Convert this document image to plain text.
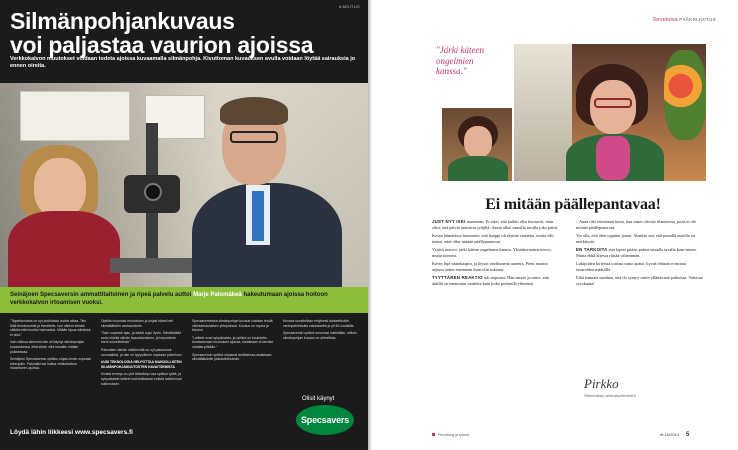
ILMOITUS
Silmänpohjankuvaus
voi paljastaa vaurion ajoissa
Verkkokalvon muutokset voidaan todeta ajoissa kuvaamalla silmänpohja. Kivuttoman kuvauksen avulla voidaan löytää sairauksia jo ennen oireita.
Seinäjoen Specsaversin ammattitaitoinen ja ripeä palvelu auttoi Marje Palomäkeä hakeutumaan ajoissa hoitoon verkkokalvon irtoamisen vuoksi.

"Tapahtumasta on nyt puolitoista vuotta aikaa. Tein töitä tietokoneella ja ihmettelin, kun näkeni silmää näkökenttä muuttui harmaaksi. Mitään kipua silmässä ei ollut."

Vain viikkoa aiemmin hän oli käynyt silmänpohjan kuvauksessa, eikä silloin ollut havaittu mitään poikkeavaa.

Seinäjoen Specsaversin optikko ohjasi Annin nopeasti eteenpäin. Palomäki sai hoitoa verkkokalvon irtoamiseen ajoissa.

Optikko huomasi muutoksen ja ohjasi hänet heti silmälääkärin vastaanotolle.

"Sain nopeasti ajan, ja kaikki sujui hyvin. Silmälääkäri antoi ohjeita silmän lepuuttamiseen, ja toipuminen eteni suunnitellusti."

Palomäen silmän näkökenttä on nyt palautunut normaaliksi, ja hän on tyytyväinen nopeaan palveluun.

UUSI TEKNOLOGIA HELPOTTAA MAHDOLLISTEN SILMÄNPOHJAMUUTOSTEN HAVAITSEMISTA

Kivistä terveys on yhä tärkeämpi osa optikon työtä, ja nykyaikaiset laitteet mahdollistavat entistä tarkemman tutkimuksen.

Specsaverseissa silmänpohjan kuvaus voidaan tehdä näöntarkastuksen yhteydessä. Kuvaus on nopea ja kivuton.

"Laitteet ovat nykyaikaisia, ja optikot on koulutettu tunnistamaan muutokset ajoissa. Asiakkaan ei tarvitse odottaa pitkään."

Specsaversin optikot ohjaavat tarvittaessa asiakkaan silmälääkärille jatkotutkimuksiin.

Kuvaus suositellaan erityisesti diabeetikoille, verenpainetautia sairastaville ja yli 40-vuotiaille.

Specsaversin optikot neuvovat mielellään, milloin silmänpohjan kuvaus on aiheellista.

Löydä lähin liikkeesi www.specsavers.fi
Olisit käynyt
Specsavers
Tervetuloa PÄÄKIRJOITUS
"Järki käteen ongelmien kanssa."
Ei mitään päällepantavaa!

JUST NYT ISKI masennus. Ei siksi, että kaikki olisi huonosti, vaan siksi, että päivät tuntuivat tyhjiltä. Aamu alkoi samalla tavalla joka päivä.

Kesän hämärässä huomasin, että kaappi oli täynnä vaatteita, mutta silti tuntui, ettei ollut mitään päällepantavaa.

Ystävä neuvoi: järki käteen ongelmien kanssa. Yksinkertainen neuvo, mutta toimiva.

Kävin läpi vaatekaapin, ja löysin unohtuneita aarteita. Pieni muutos arjessa auttoi enemmän kuin olin uskonut.

TYYTTÄREN REAKTIO tuli nopeasti. Hän nauroi ja sanoi, että äidillä on enemmän vaatteita kuin koko perheellä yhteensä.

– Anna olla viimeinen kerta, kun sanot olevasi tilanteessa, jossa ei ole mitään päällepantavaa.

Voi olla, että olen oppinut jotain. Ainakin sen, että pienillä asioilla on merkitystä.

EN TARKOITA että lapset pitäisi pukea samalla tavalla kuin ennen. Mutta ehkä arjessa riittää vähemmän.

Lukijoiden kirjeissä toistuu sama ajatus: hyvää elämää ei mitata tavaroiden määrällä.

Eikä kannata unohtaa, että ilo syntyy usein yllättävistä paikoista. Valoisaa syyskuuta!

Pirkko
Päätoimittaja, pirkko@pirkkolehti.fi
Pia leberg ja ryhmä	et 15/2014 5
